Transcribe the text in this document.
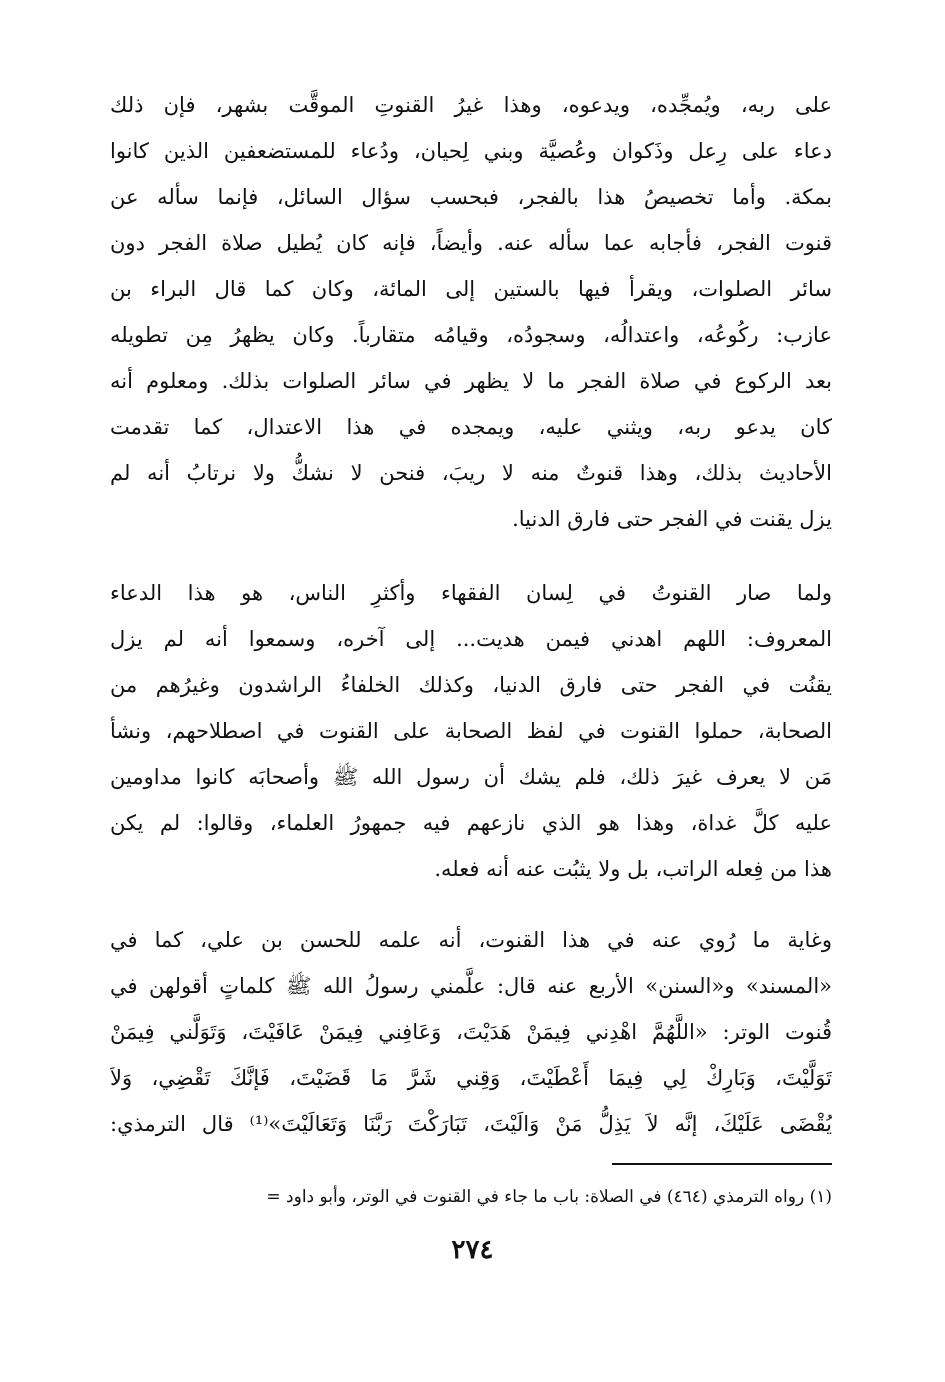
على ربه، ويُمجِّده، ويدعوه، وهذا غيرُ القنوتِ الموقَّت بشهر، فإن ذلك
دعاء على رِعل وذَكوان وعُصيَّة وبني لِحيان، ودُعاء للمستضعفين الذين كانوا
بمكة. وأما تخصيصُ هذا بالفجر، فبحسب سؤال السائل، فإنما سأله عن
قنوت الفجر، فأجابه عما سأله عنه. وأيضاً، فإنه كان يُطيل صلاة الفجر دون
سائر الصلوات، ويقرأ فيها بالستين إلى المائة، وكان كما قال البراء بن
عازب: ركُوعُه، واعتدالُه، وسجودُه، وقيامُه متقارباً. وكان يظهرُ مِن تطويله
بعد الركوع في صلاة الفجر ما لا يظهر في سائر الصلوات بذلك. ومعلوم أنه
كان يدعو ربه، ويثني عليه، ويمجده في هذا الاعتدال، كما تقدمت
الأحاديث بذلك، وهذا قنوتٌ منه لا ريبَ، فنحن لا نشكُّ ولا نرتابُ أنه لم
يزل يقنت في الفجر حتى فارق الدنيا.
ولما صار القنوتُ في لِسان الفقهاء وأكثرِ الناس، هو هذا الدعاء
المعروف: اللهم اهدني فيمن هديت... إلى آخره، وسمعوا أنه لم يزل
يقنُت في الفجر حتى فارق الدنيا، وكذلك الخلفاءُ الراشدون وغيرُهم من
الصحابة، حملوا القنوت في لفظ الصحابة على القنوت في اصطلاحهم، ونشأ
مَن لا يعرف غيرَ ذلك، فلم يشك أن رسول الله ﷺ وأصحابَه كانوا مداومين
عليه كلَّ غداة، وهذا هو الذي نازعهم فيه جمهورُ العلماء، وقالوا: لم يكن
هذا من فِعله الراتب، بل ولا يثبُت عنه أنه فعله.
وغاية ما رُوي عنه في هذا القنوت، أنه علمه للحسن بن علي، كما في
«المسند» و«السنن» الأربع عنه قال: علَّمني رسولُ الله ﷺ كلماتٍ أقولهن في
قُنوت الوتر: «اللَّهُمَّ اهْدِني فِيمَنْ هَدَيْتَ، وَعَافِني فِيمَنْ عَافَيْتَ، وَتَوَلَّني فِيمَنْ
تَوَلَّيْتَ، وَبَارِكْ لِي فِيمَا أَعْطَيْتَ، وَقِني شَرَّ مَا قَضَيْتَ، فَإنَّكَ تَقْضِي، وَلاَ
يُقْضَى عَلَيْكَ، إنَّه لاَ يَذِلُّ مَنْ وَالَيْتَ، تَبَارَكْتَ رَبَّنَا وَتَعَالَيْتَ»⁽¹⁾ قال الترمذي:
(١) رواه الترمذي (٤٦٤) في الصلاة: باب ما جاء في القنوت في الوتر، وأبو داود =
٢٧٤
